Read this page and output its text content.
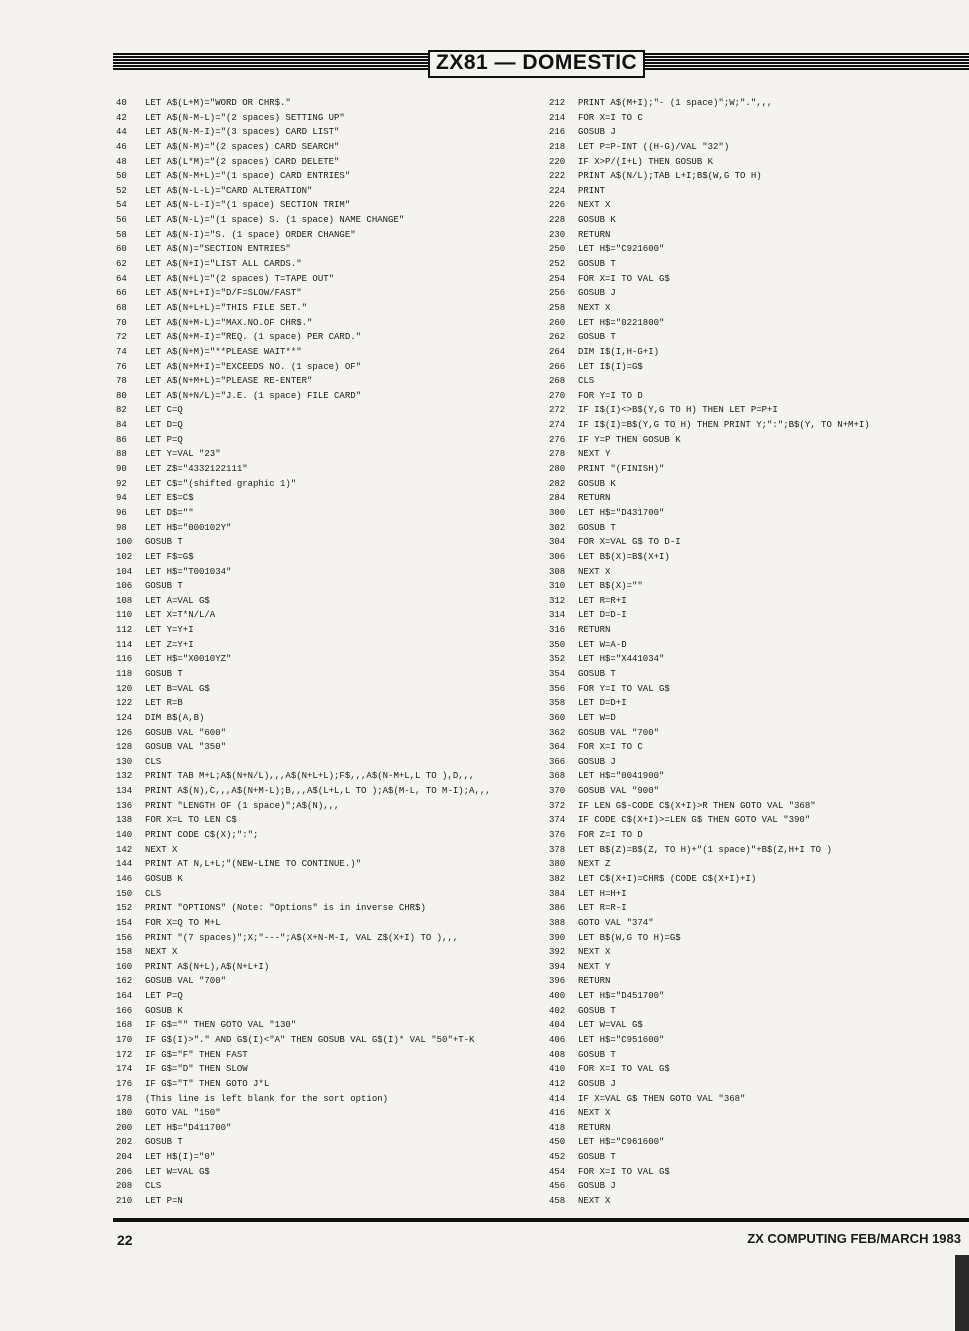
ZX81 — DOMESTIC
40 LET A$(L+M)="WORD OR CHR$."
42 LET A$(N-M-L)="(2 spaces) SETTING UP"
44 LET A$(N-M-I)="(3 spaces) CARD LIST"
46 LET A$(N-M)="(2 spaces) CARD SEARCH"
48 LET A$(L*M)="(2 spaces) CARD DELETE"
50 LET A$(N-M+L)="(1 space) CARD ENTRIES"
52 LET A$(N-L-L)="CARD ALTERATION"
54 LET A$(N-L-I)="(1 space) SECTION TRIM"
56 LET A$(N-L)="(1 space) S. (1 space) NAME CHANGE"
58 LET A$(N-I)="S. (1 space) ORDER CHANGE"
60 LET A$(N)="SECTION ENTRIES"
62 LET A$(N+I)="LIST ALL CARDS."
64 LET A$(N+L)="(2 spaces) T=TAPE OUT"
66 LET A$(N+L+I)="D/F=SLOW/FAST"
68 LET A$(N+L+L)="THIS FILE SET."
70 LET A$(N+M-L)="MAX.NO.OF CHR$."
72 LET A$(N+M-I)="REQ. (1 space) PER CARD."
74 LET A$(N+M)="**PLEASE WAIT**"
76 LET A$(N+M+I)="EXCEEDS NO. (1 space) OF"
78 LET A$(N+M+L)="PLEASE RE-ENTER"
80 LET A$(N+N/L)="J.E. (1 space) FILE CARD"
82 LET C=Q
84 LET D=Q
86 LET P=Q
88 LET Y=VAL "23"
90 LET Z$="4332122111"
92 LET C$="(shifted graphic 1)"
94 LET E$=C$
96 LET D$=""
98 LET H$="000102Y"
100 GOSUB T
102 LET F$=G$
104 LET H$="T001034"
106 GOSUB T
108 LET A=VAL G$
110 LET X=T*N/L/A
112 LET Y=Y+I
114 LET Z=Y+I
116 LET H$="X0010YZ"
118 GOSUB T
120 LET B=VAL G$
122 LET R=B
124 DIM B$(A,B)
126 GOSUB VAL "600"
128 GOSUB VAL "350"
130 CLS
132 PRINT TAB M+L;A$(N+N/L),,,A$(N+L+L);F$,,,A$(N-M+L,L TO ),D,,,
134 PRINT A$(N),C,,,A$(N+M-L);B,,,A$(L+L,L TO );A$(M-L, TO M-I);A,,,
136 PRINT "LENGTH OF (1 space)";A$(N),,,
138 FOR X=L TO LEN C$
140 PRINT CODE C$(X);":";
142 NEXT X
144 PRINT AT N,L+L;"(NEW-LINE TO CONTINUE.)"
146 GOSUB K
150 CLS
152 PRINT "OPTIONS" (Note: "Options" is in inverse CHR$)
154 FOR X=Q TO M+L
156 PRINT "(7 spaces)";X;"---";A$(X+N-M-I, VAL Z$(X+I) TO ),,,
158 NEXT X
160 PRINT A$(N+L),A$(N+L+I)
162 GOSUB VAL "700"
164 LET P=Q
166 GOSUB K
168 IF G$="" THEN GOTO VAL "130"
170 IF G$(I)>"." AND G$(I)<"A" THEN GOSUB VAL G$(I)* VAL "50"+T-K
172 IF G$="F" THEN FAST
174 IF G$="D" THEN SLOW
176 IF G$="T" THEN GOTO J*L
178 (This line is left blank for the sort option)
180 GOTO VAL "150"
200 LET H$="D411700"
202 GOSUB T
204 LET H$(I)="0"
206 LET W=VAL G$
208 CLS
210 LET P=N
212 PRINT A$(M+I);"- (1 space)";W;".",,,
214 FOR X=I TO C
216 GOSUB J
218 LET P=P-INT ((H-G)/VAL "32")
220 IF X>P/(I+L) THEN GOSUB K
222 PRINT A$(N/L);TAB L+I;B$(W,G TO H)
224 PRINT
226 NEXT X
228 GOSUB K
230 RETURN
250 LET H$="C921600"
252 GOSUB T
254 FOR X=I TO VAL G$
256 GOSUB J
258 NEXT X
260 LET H$="0221800"
262 GOSUB T
264 DIM I$(I,H-G+I)
266 LET I$(I)=G$
268 CLS
270 FOR Y=I TO D
272 IF I$(I)<>B$(Y,G TO H) THEN LET P=P+I
274 IF I$(I)=B$(Y,G TO H) THEN PRINT Y;":";B$(Y, TO N+M+I)
276 IF Y=P THEN GOSUB K
278 NEXT Y
280 PRINT "(FINISH)"
282 GOSUB K
284 RETURN
300 LET H$="D431700"
302 GOSUB T
304 FOR X=VAL G$ TO D-I
306 LET B$(X)=B$(X+I)
308 NEXT X
310 LET B$(X)=""
312 LET R=R+I
314 LET D=D-I
316 RETURN
350 LET W=A-D
352 LET H$="X441034"
354 GOSUB T
356 FOR Y=I TO VAL G$
358 LET D=D+I
360 LET W=D
362 GOSUB VAL "700"
364 FOR X=I TO C
366 GOSUB J
368 LET H$="0041900"
370 GOSUB VAL "900"
372 IF LEN G$-CODE C$(X+I)>R THEN GOTO VAL "368"
374 IF CODE C$(X+I)>=LEN G$ THEN GOTO VAL "390"
376 FOR Z=I TO D
378 LET B$(Z)=B$(Z, TO H)+"(1 space)"+B$(Z,H+I TO )
380 NEXT Z
382 LET C$(X+I)=CHR$ (CODE C$(X+I)+I)
384 LET H=H+I
386 LET R=R-I
388 GOTO VAL "374"
390 LET B$(W,G TO H)=G$
392 NEXT X
394 NEXT Y
396 RETURN
400 LET H$="D451700"
402 GOSUB T
404 LET W=VAL G$
406 LET H$="C951600"
408 GOSUB T
410 FOR X=I TO VAL G$
412 GOSUB J
414 IF X=VAL G$ THEN GOTO VAL "368"
416 NEXT X
418 RETURN
450 LET H$="C961600"
452 GOSUB T
454 FOR X=I TO VAL G$
456 GOSUB J
458 NEXT X
22	ZX COMPUTING FEB/MARCH 1983
